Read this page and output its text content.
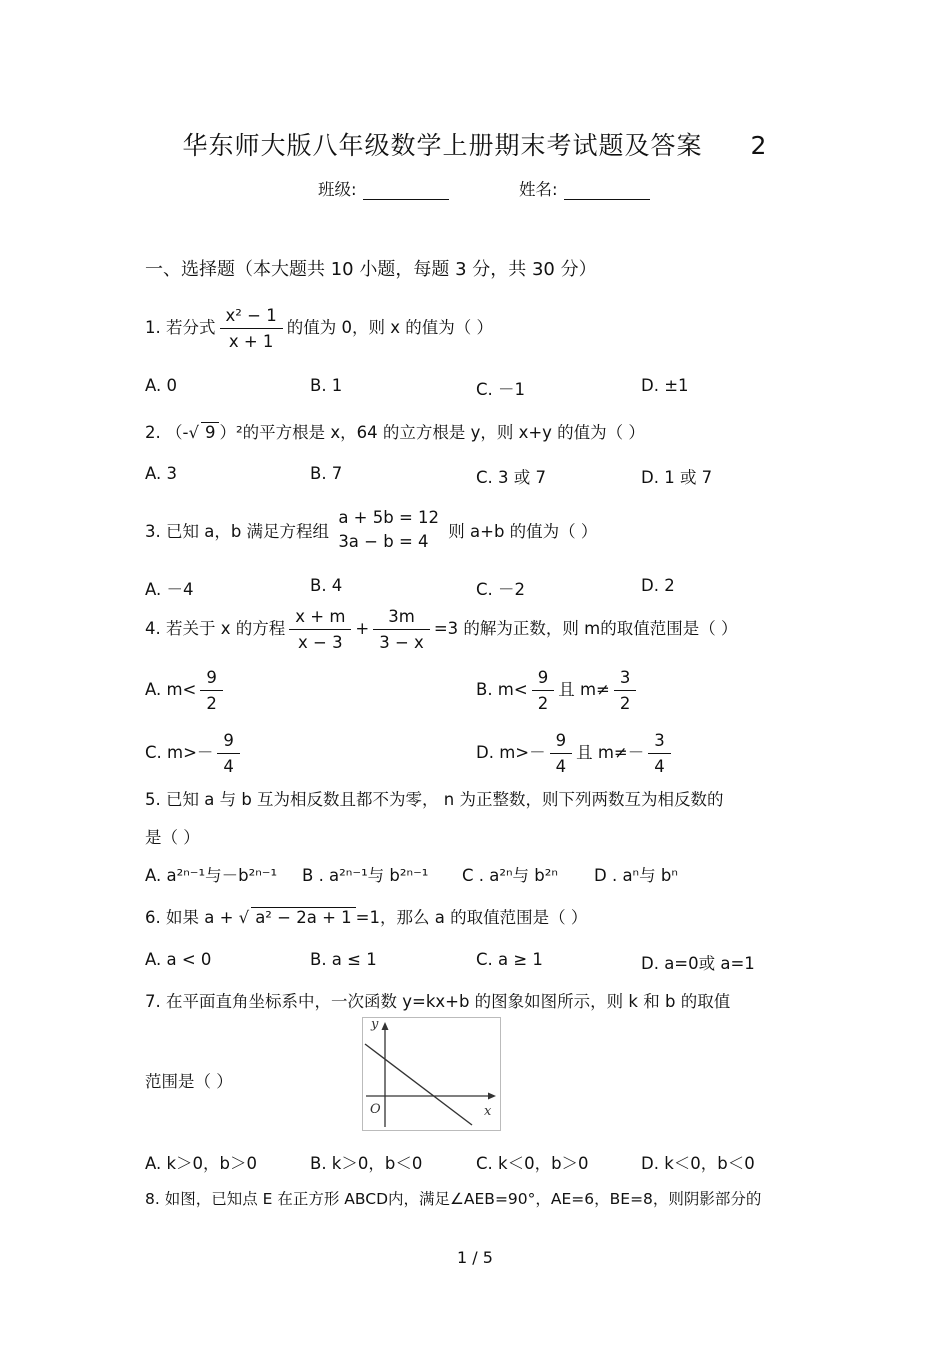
华东师大版八年级数学上册期末考试题及答案 2
班级:	姓名:
一、选择题（本大题共 10 小题，每题 3 分，共 30 分）
1. 若分式 $\frac{\text{x² − 1}}{x + 1}$ 的值为 0，则 x 的值为（ ）
A. 0	B. 1	C. －1	D. ±1
2. （-√ 9 ）²的平方根是 x，64 的立方根是 y，则 x+y 的值为（ ）
A. 3	B. 7	C. 3 或 7	D. 1 或 7
3. 已知 a，b 满足方程组
a + 5b = 12
3a − b = 4
则 a+b 的值为（ ）
A. －4	B. 4	C. －2	D. 2
4. 若关于 x 的方程 $\frac{x + m}{x - 3} + \frac{3m}{3 - x} =3$ 的解为正数，则 m的取值范围是（ ）
A. $m< \frac{9}{2}$	B. $m< \frac{9}{2}$ 且 $m\ne \frac{3}{2}$
C. $m>- \frac{9}{4}$	D. $m>- \frac{9}{4}$ 且 $m\ne- \frac{3}{4}$
5. 已知 a 与 b 互为相反数且都不为零， n 为正整数，则下列两数互为相反数的
是（ ）
A. a²ⁿ⁻¹与－b²ⁿ⁻¹ B . a²ⁿ⁻¹与 b²ⁿ⁻¹ C . a²ⁿ与 b²ⁿ D . aⁿ与 bⁿ
6. 如果 a + √ a² − 2a + 1 =1，那么 a 的取值范围是（ ）
A. a < 0	B. a ≤ 1	C. a ≥ 1	D. a=0或 a=1
7. 在平面直角坐标系中，一次函数 y=kx+b 的图象如图所示，则 k 和 b 的取值
范围是（ ）
y
x
O
A. k＞0，b＞0	B. k＞0，b＜0	C. k＜0，b＞0	D. k＜0，b＜0
8. 如图，已知点 E 在正方形 ABCD内，满足∠AEB=90°，AE=6，BE=8，则阴影部分的
1 / 5
